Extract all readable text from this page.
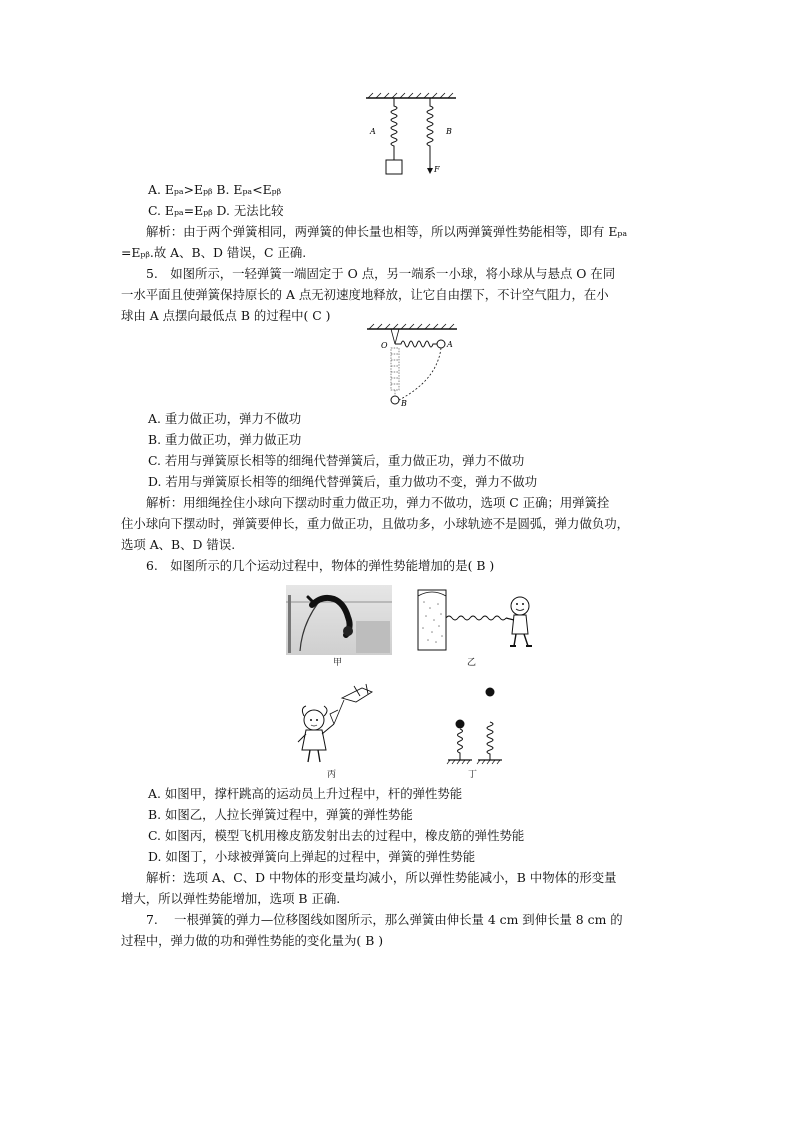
A	B
F
A. Eₚₐ>Eₚᵦ B. Eₚₐ<Eₚᵦ
C. Eₚₐ=Eₚᵦ D. 无法比较
解析：由于两个弹簧相同，两弹簧的伸长量也相等，所以两弹簧弹性势能相等，即有 Eₚₐ
=Eₚᵦ.故 A、B、D 错误，C 正确.
5.　如图所示，一轻弹簧一端固定于 O 点，另一端系一小球，将小球从与悬点 O 在同
一水平面且使弹簧保持原长的 A 点无初速度地释放，让它自由摆下，不计空气阻力，在小
球由 A 点摆向最低点 B 的过程中( C )
O	A
B
A. 重力做正功，弹力不做功
B. 重力做正功，弹力做正功
C. 若用与弹簧原长相等的细绳代替弹簧后，重力做正功，弹力不做功
D. 若用与弹簧原长相等的细绳代替弹簧后，重力做功不变，弹力不做功
解析：用细绳拴住小球向下摆动时重力做正功，弹力不做功，选项 C 正确；用弹簧拴
住小球向下摆动时，弹簧要伸长，重力做正功，且做功多，小球轨迹不是圆弧，弹力做负功，
选项 A、B、D 错误.
6.　如图所示的几个运动过程中，物体的弹性势能增加的是( B )
甲	乙
丙	丁
A. 如图甲，撑杆跳高的运动员上升过程中，杆的弹性势能
B. 如图乙，人拉长弹簧过程中，弹簧的弹性势能
C. 如图丙，模型飞机用橡皮筋发射出去的过程中，橡皮筋的弹性势能
D. 如图丁，小球被弹簧向上弹起的过程中，弹簧的弹性势能
解析：选项 A、C、D 中物体的形变量均减小，所以弹性势能减小，B 中物体的形变量
增大，所以弹性势能增加，选项 B 正确.
7.　 一根弹簧的弹力—位移图线如图所示，那么弹簧由伸长量 4 cm 到伸长量 8 cm 的
过程中，弹力做的功和弹性势能的变化量为( B )
